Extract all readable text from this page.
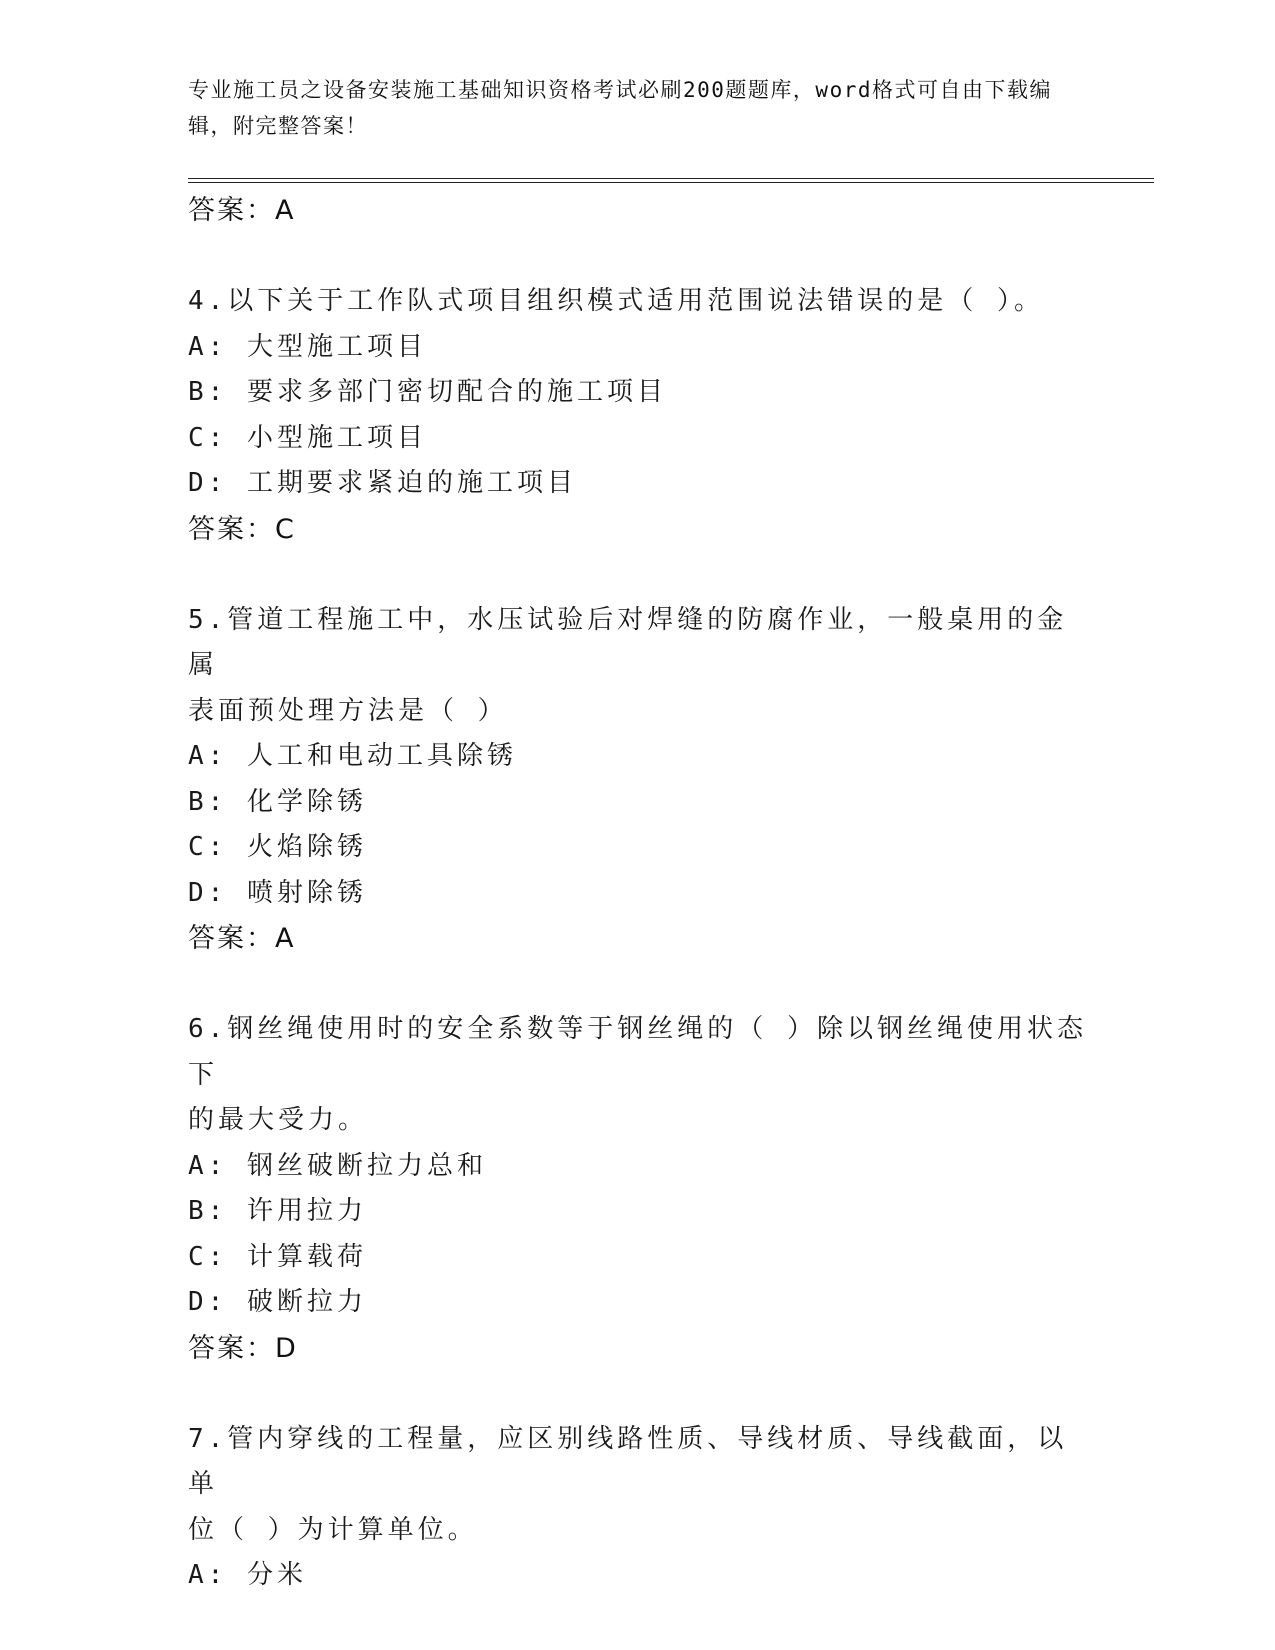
专业施工员之设备安装施工基础知识资格考试必刷200题题库，word格式可自由下载编辑，附完整答案！
答案：A
4.以下关于工作队式项目组织模式适用范围说法错误的是（ ）。
A: 大型施工项目
B: 要求多部门密切配合的施工项目
C: 小型施工项目
D: 工期要求紧迫的施工项目
答案：C
5.管道工程施工中，水压试验后对焊缝的防腐作业，一般桌用的金属
表面预处理方法是（ ）
A: 人工和电动工具除锈
B: 化学除锈
C: 火焰除锈
D: 喷射除锈
答案：A
6.钢丝绳使用时的安全系数等于钢丝绳的（ ）除以钢丝绳使用状态下
的最大受力。
A: 钢丝破断拉力总和
B: 许用拉力
C: 计算载荷
D: 破断拉力
答案：D
7.管内穿线的工程量，应区别线路性质、导线材质、导线截面，以单
位（ ）为计算单位。
A: 分米
